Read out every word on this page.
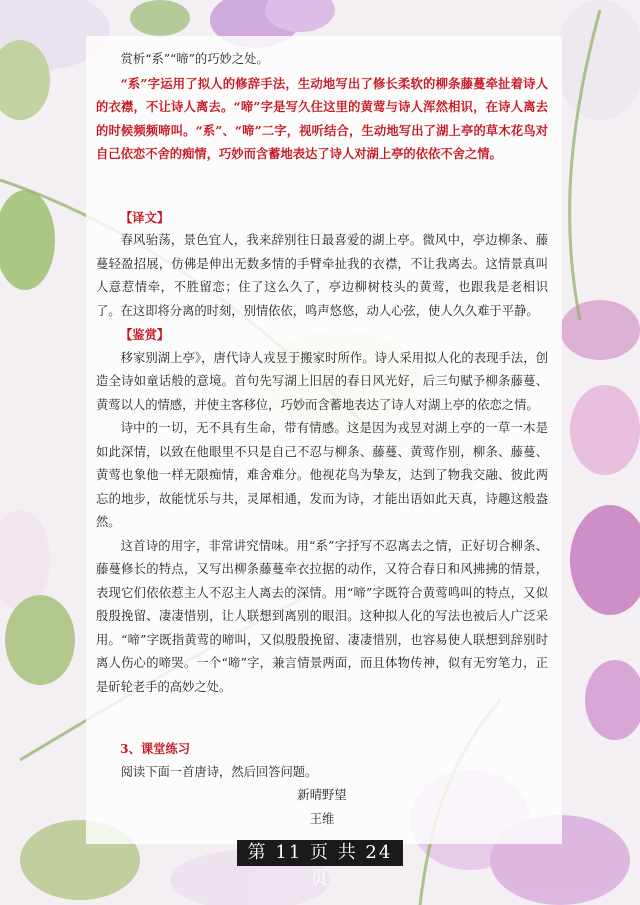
赏析“系”“啼”的巧妙之处。

“系”字运用了拟人的修辞手法，生动地写出了修长柔软的柳条藤蔓牵扯着诗人的衣襟，不让诗人离去。“啼”字是写久住这里的黄莺与诗人浑然相识，在诗人离去的时候频频啼叫。“系”、“啼”二字，视听结合，生动地写出了湖上亭的草木花鸟对自己依恋不舍的痴情，巧妙而含蓄地表达了诗人对湖上亭的依依不舍之情。

【译文】

春风骀荡，景色宜人，我来辞别往日最喜爱的湖上亭。微风中，亭边柳条、藤蔓轻盈招展，仿佛是伸出无数多情的手臂牵扯我的衣襟，不让我离去。这情景真叫人意惹情牵，不胜留恋；住了这么久了，亭边柳树枝头的黄莺，也跟我是老相识了。在这即将分离的时刻，别情依依，鸣声悠悠，动人心弦，使人久久难于平静。

【鉴赏】

移家别湖上亭》，唐代诗人戎昱于搬家时所作。诗人采用拟人化的表现手法，创造全诗如童话般的意境。首句先写湖上旧居的春日风光好，后三句赋予柳条藤蔓、黄莺以人的情感，并使主客移位，巧妙而含蓄地表达了诗人对湖上亭的依恋之情。

诗中的一切，无不具有生命，带有情感。这是因为戎昱对湖上亭的一草一木是如此深情，以致在他眼里不只是自己不忍与柳条、藤蔓、黄莺作别，柳条、藤蔓、黄莺也象他一样无限痴情，难舍难分。他视花鸟为挚友，达到了物我交融、彼此两忘的地步，故能忧乐与共，灵犀相通，发而为诗，才能出语如此天真，诗趣这般盎然。

这首诗的用字，非常讲究情味。用“系”字抒写不忍离去之情，正好切合柳条、藤蔓修长的特点，又写出柳条藤蔓牵衣拉据的动作，又符合春日和风拂拂的情景，表现它们依依惹主人不忍主人离去的深情。用“啼”字既符合黄莺鸣叫的特点，又似殷殷挽留、凄凄惜别，让人联想到离别的眼泪。这种拟人化的写法也被后人广泛采用。“啼”字既指黄莺的啼叫，又似殷殷挽留、凄凄惜别，也容易使人联想到辞别时离人伤心的啼哭。一个“啼”字，兼言情景两面，而且体物传神，似有无穷笔力，正是斫轮老手的高妙之处。

3、课堂练习

阅读下面一首唐诗，然后回答问题。

新晴野望

王维

第 11 页 共 24 页
